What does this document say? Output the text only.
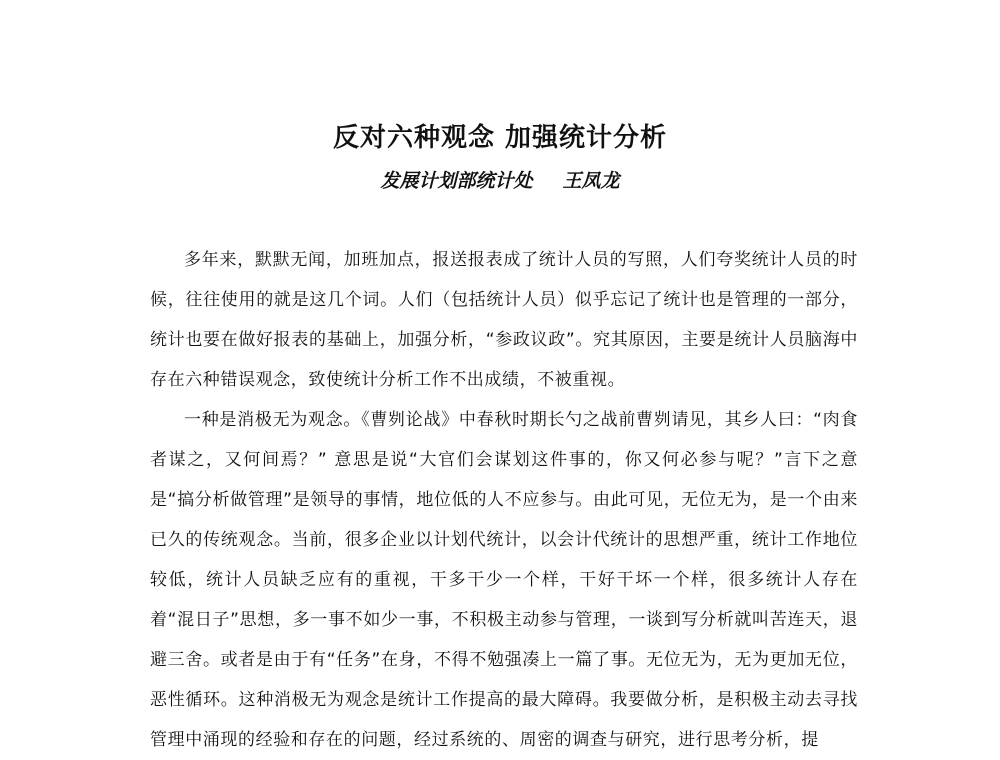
反对六种观念 加强统计分析
发展计划部统计处 王凤龙

多年来，默默无闻，加班加点，报送报表成了统计人员的写照，人们夸奖统计人员的时候，往往使用的就是这几个词。人们（包括统计人员）似乎忘记了统计也是管理的一部分，统计也要在做好报表的基础上，加强分析，“参政议政”。究其原因，主要是统计人员脑海中存在六种错误观念，致使统计分析工作不出成绩，不被重视。

一种是消极无为观念。《曹刿论战》中春秋时期长勺之战前曹刿请见，其乡人曰：“肉食者谋之，又何间焉？” 意思是说“大官们会谋划这件事的，你又何必参与呢？”言下之意是“搞分析做管理”是领导的事情，地位低的人不应参与。由此可见，无位无为，是一个由来已久的传统观念。当前，很多企业以计划代统计，以会计代统计的思想严重，统计工作地位较低，统计人员缺乏应有的重视，干多干少一个样，干好干坏一个样，很多统计人存在着“混日子”思想，多一事不如少一事，不积极主动参与管理，一谈到写分析就叫苦连天，退避三舍。或者是由于有“任务”在身，不得不勉强凑上一篇了事。无位无为，无为更加无位，恶性循环。这种消极无为观念是统计工作提高的最大障碍。我要做分析，是积极主动去寻找管理中涌现的经验和存在的问题，经过系统的、周密的调查与研究，进行思考分析，提
